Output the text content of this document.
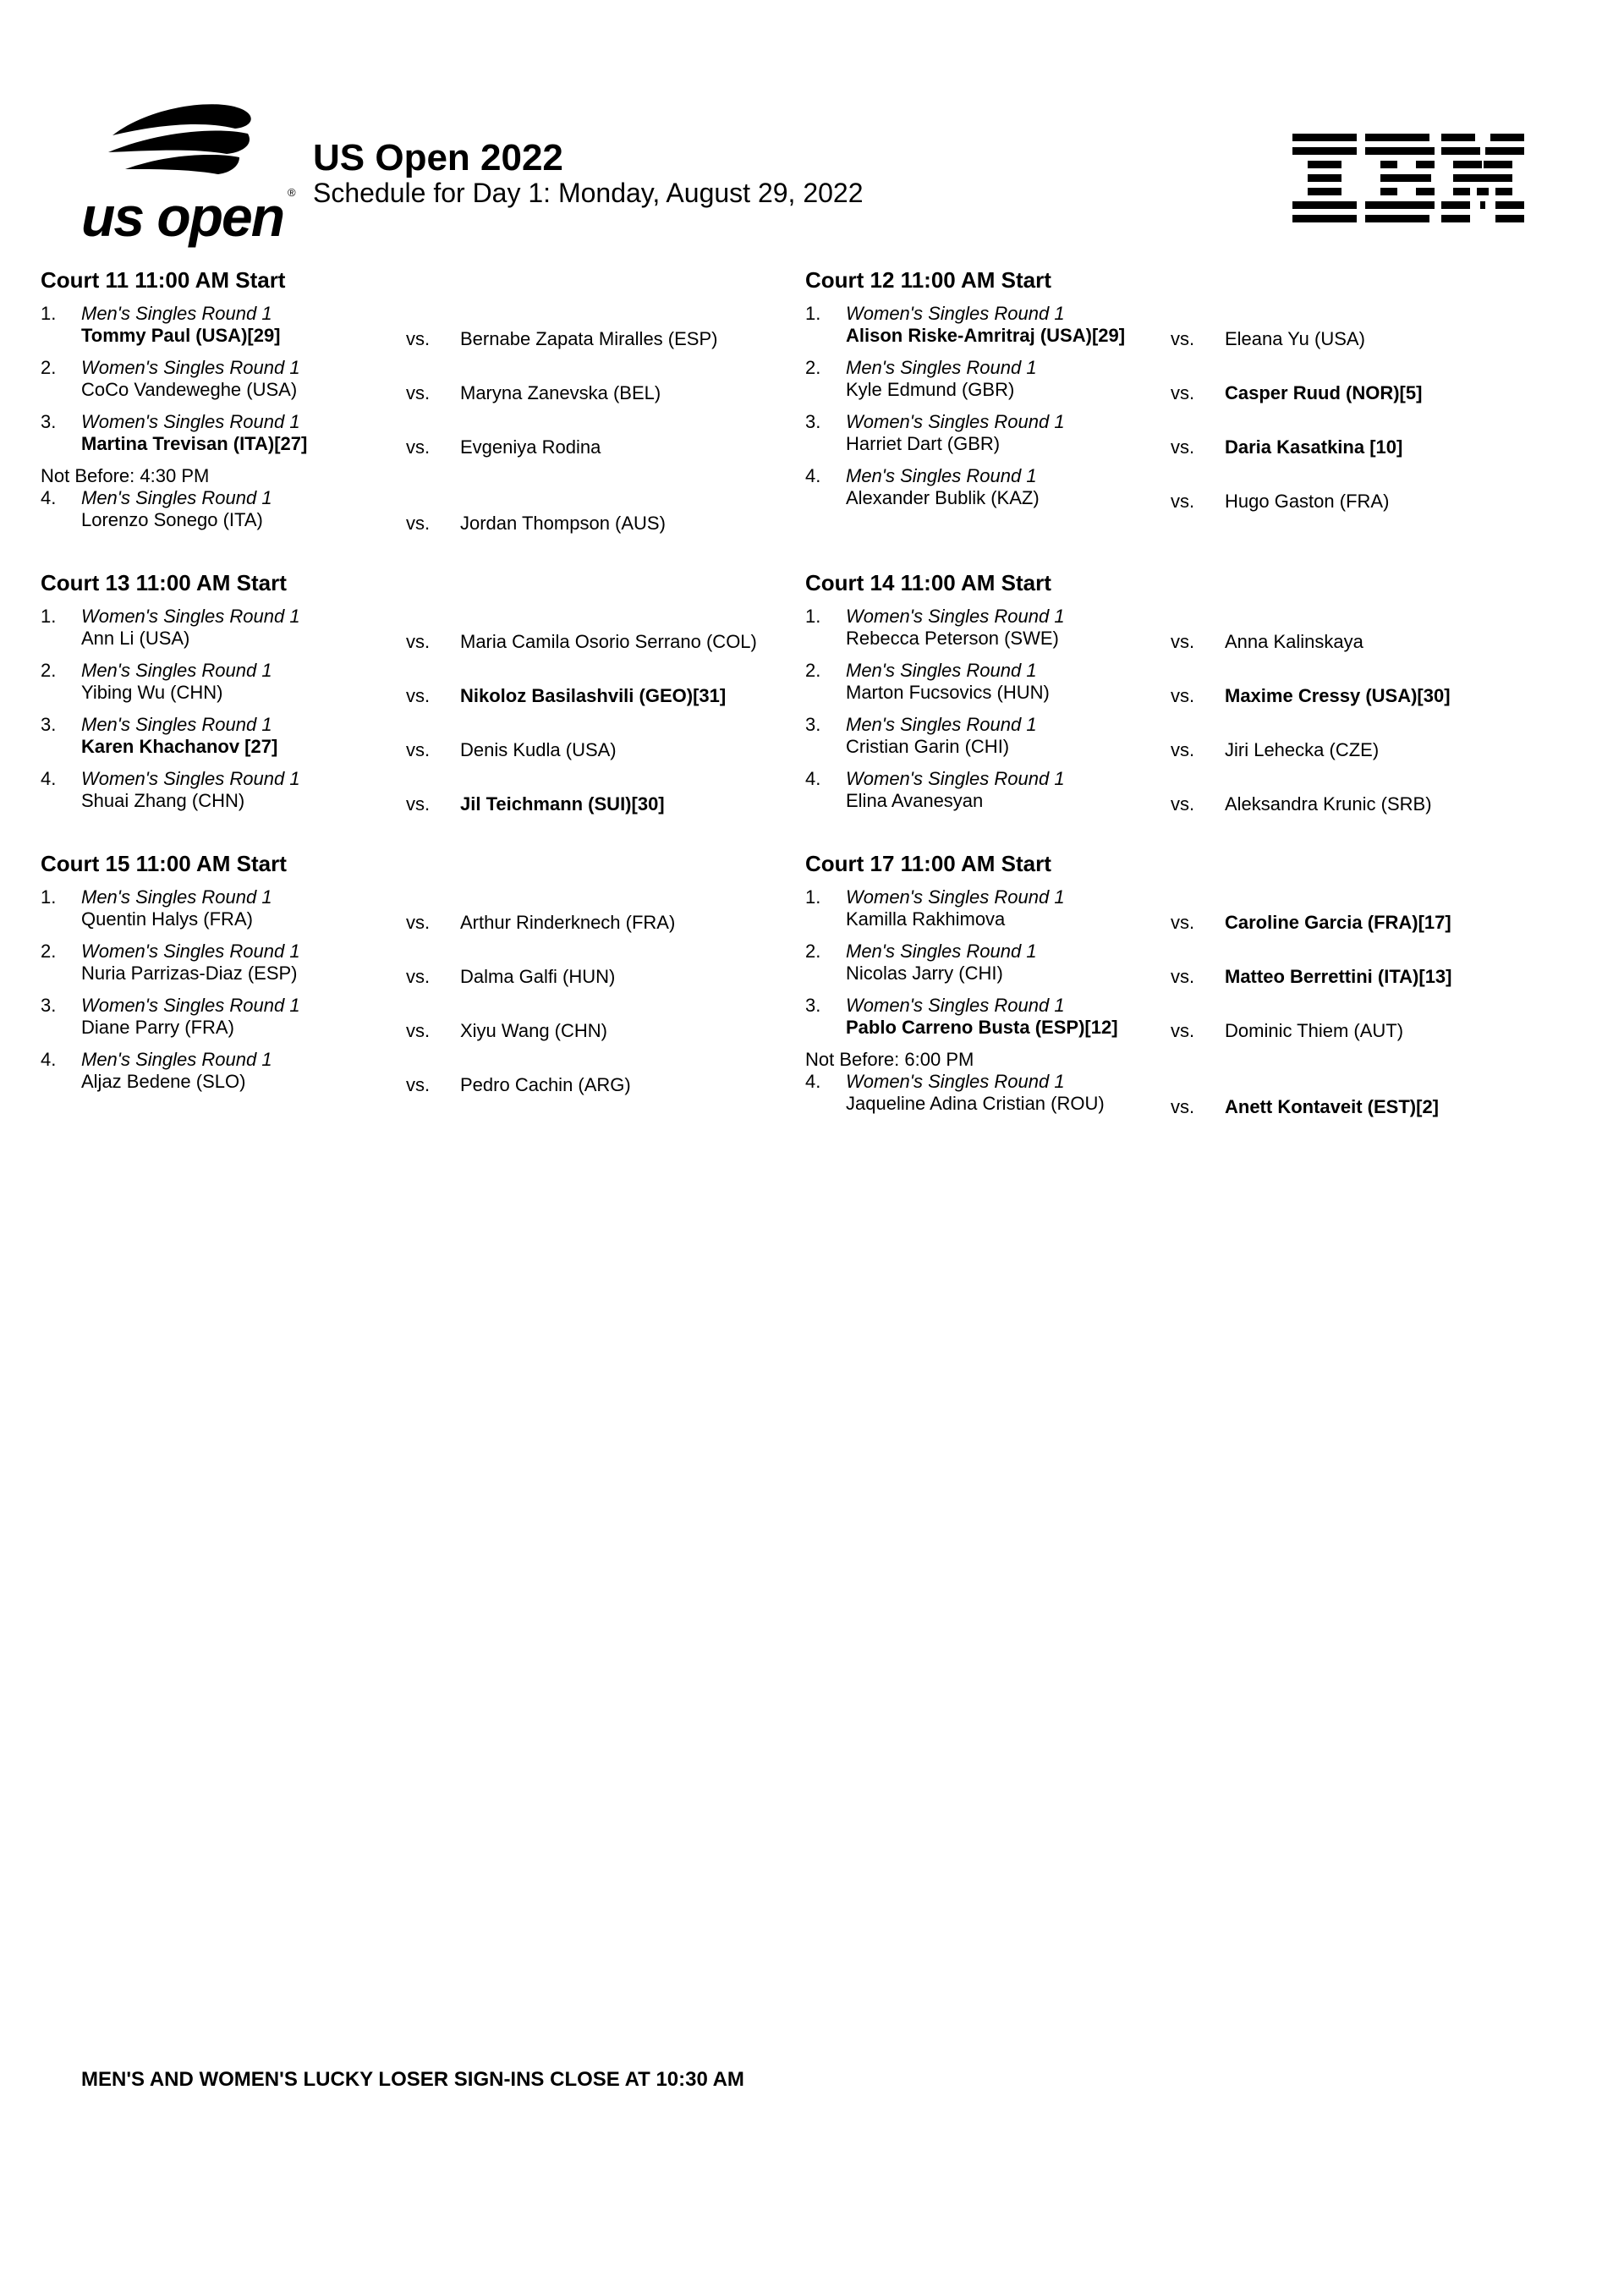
us open ®
US Open 2022
Schedule for Day 1: Monday, August 29, 2022
Court 11 11:00 AM Start
1. Men's Singles Round 1
Tommy Paul (USA)[29]	vs. Bernabe Zapata Miralles (ESP)
2. Women's Singles Round 1
CoCo Vandeweghe (USA)	vs. Maryna Zanevska (BEL)
3. Women's Singles Round 1
Martina Trevisan (ITA)[27]	vs. Evgeniya Rodina
Not Before: 4:30 PM
4. Men's Singles Round 1
Lorenzo Sonego (ITA)	vs. Jordan Thompson (AUS)
Court 12 11:00 AM Start
1. Women's Singles Round 1
Alison Riske-Amritraj (USA)[29] vs. Eleana Yu (USA)
2. Men's Singles Round 1
Kyle Edmund (GBR)	vs. Casper Ruud (NOR)[5]
3. Women's Singles Round 1
Harriet Dart (GBR)	vs. Daria Kasatkina [10]
4. Men's Singles Round 1
Alexander Bublik (KAZ)	vs. Hugo Gaston (FRA)
Court 13 11:00 AM Start
1. Women's Singles Round 1
Ann Li (USA)	vs. Maria Camila Osorio Serrano (COL)
2. Men's Singles Round 1
Yibing Wu (CHN)	vs. Nikoloz Basilashvili (GEO)[31]
3. Men's Singles Round 1
Karen Khachanov [27]	vs. Denis Kudla (USA)
4. Women's Singles Round 1
Shuai Zhang (CHN)	vs. Jil Teichmann (SUI)[30]
Court 14 11:00 AM Start
1. Women's Singles Round 1
Rebecca Peterson (SWE)	vs. Anna Kalinskaya
2. Men's Singles Round 1
Marton Fucsovics (HUN)	vs. Maxime Cressy (USA)[30]
3. Men's Singles Round 1
Cristian Garin (CHI)	vs. Jiri Lehecka (CZE)
4. Women's Singles Round 1
Elina Avanesyan	vs. Aleksandra Krunic (SRB)
Court 15 11:00 AM Start
1. Men's Singles Round 1
Quentin Halys (FRA)	vs. Arthur Rinderknech (FRA)
2. Women's Singles Round 1
Nuria Parrizas-Diaz (ESP)	vs. Dalma Galfi (HUN)
3. Women's Singles Round 1
Diane Parry (FRA)	vs. Xiyu Wang (CHN)
4. Men's Singles Round 1
Aljaz Bedene (SLO)	vs. Pedro Cachin (ARG)
Court 17 11:00 AM Start
1. Women's Singles Round 1
Kamilla Rakhimova	vs. Caroline Garcia (FRA)[17]
2. Men's Singles Round 1
Nicolas Jarry (CHI)	vs. Matteo Berrettini (ITA)[13]
3. Women's Singles Round 1
Pablo Carreno Busta (ESP)[12]	vs. Dominic Thiem (AUT)
Not Before: 6:00 PM
4. Women's Singles Round 1
Jaqueline Adina Cristian (ROU)	vs. Anett Kontaveit (EST)[2]
MEN'S AND WOMEN'S LUCKY LOSER SIGN-INS CLOSE AT 10:30 AM
